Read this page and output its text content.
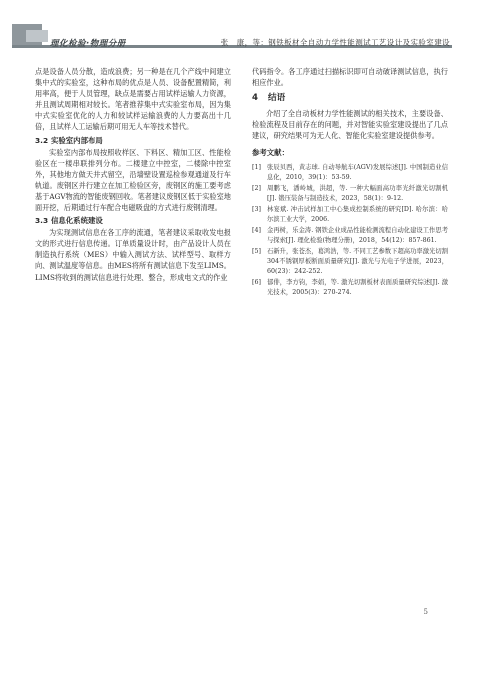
理化检验·物理分册	张　康，等：钢铁板材全自动力学性能测试工艺设计及实验室建设

点是设备人员分散，造成浪费；另一种是在几个产线中间建立集中式的实验室，这种布局的优点是人员、设备配置精简，利用率高，便于人员管理，缺点是需要占用试样运输人力资源，并且测试周期相对较长。笔者推荐集中式实验室布局，因为集中式实验室优化的人力和较试样运输浪费的人力要高出十几倍，且试样人工运输后期可用无人车等技术替代。

3.2 实验室内部布局

实验室内部布局按照收样区、下料区、精加工区、性能检验区在一楼串联排列分布。二楼建立中控室，二楼除中控室外，其他地方做天井式留空，沿墙壁设置巡检参观通道及行车轨道。废钢区并行建立在加工检验区旁，废钢区的施工要考虑基于AGV物流的智能废钢回收。笔者建议废钢区低于实验室地面开挖，后期通过行车配合电磁吸盘的方式进行废钢清理。

3.3 信息化系统建设

为实现测试信息在各工序的流通，笔者建议采取收发电报文的形式进行信息传递。订单质量设计时，由产品设计人员在制造执行系统（MES）中输入测试方法、试样型号、取样方向、测试温度等信息。由MES将所有测试信息下发至LIMS。LIMS将收到的测试信息进行处理、整合，形成电文式的作业

代码指令。各工序通过扫描标识即可自动破译测试信息，执行相应作业。

4 结语

介绍了全自动板材力学性能测试的相关技术，主要设备、检验流程及目前存在的问题，并对智能实验室建设提出了几点建议，研究结果可为无人化、智能化实验室建设提供参考。

参考文献：
[1] 张辰贝西，黄志球. 自动导航车(AGV)发展综述[J]. 中国制造业信息化，2010，39(1)：53-59.
[2] 周鹏飞，潘岭城，洪超，等. 一种大幅面高功率光纤激光切割机[J]. 锻压装备与制造技术，2023，58(1)：9-12.
[3] 林宴斌. 冲击试样加工中心集成控制系统的研究[D]. 哈尔滨：哈尔滨工业大学，2006.
[4] 金再树，乐金涛. 钢铁企业成品性能检测流程自动化建设工作思考与探索[J]. 理化检验(物理分册)，2018，54(12)：857-861.
[5] 石新升，张苍杰，葛鸿浩，等. 不同工艺参数下超高功率激光切割304不锈钢厚板断面质量研究[J]. 激光与光电子学进展，2023，60(23)：242-252.
[6] 郁俳，李方钧，李娟，等. 激光切割板材表面质量研究综述[J]. 激光技术，2005(3)：270-274.
5
